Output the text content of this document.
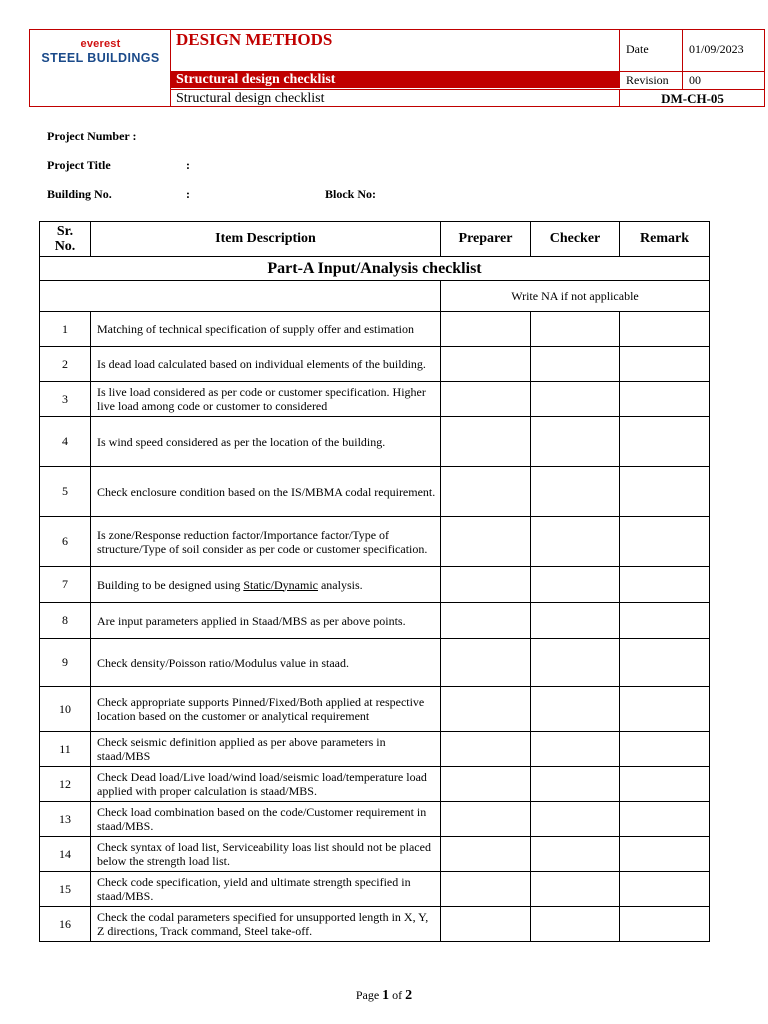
everest
STEEL BUILDINGS
DESIGN METHODS	Date	01/09/2023
Structural design checklist	Revision	00
Structural design checklist	DM-CH-05
Project Number :
Project Title	:
Building No.	:	Block No:
Sr. No.	Item Description	Preparer	Checker	Remark
Part-A Input/Analysis checklist				
		Write NA if not applicable		
1	Matching of technical specification of supply offer and estimation			
2	Is dead load calculated based on individual elements of the building.			
3	Is live load considered as per code or customer specification. Higher live load among code or customer to considered			
4	Is wind speed considered as per the location of the building.			
5	Check enclosure condition based on the IS/MBMA codal requirement.			
6	Is zone/Response reduction factor/Importance factor/Type of structure/Type of soil consider as per code or customer specification.			
7	Building to be designed using Static/Dynamic analysis.			
8	Are input parameters applied in Staad/MBS as per above points.			
9	Check density/Poisson ratio/Modulus value in staad.			
10	Check appropriate supports Pinned/Fixed/Both applied at respective location based on the customer or analytical requirement			
11	Check seismic definition applied as per above parameters in staad/MBS			
12	Check Dead load/Live load/wind load/seismic load/temperature load applied with proper calculation is staad/MBS.			
13	Check load combination based on the code/Customer requirement in staad/MBS.			
14	Check syntax of load list, Serviceability loas list should not be placed below the strength load list.			
15	Check code specification, yield and ultimate strength specified in staad/MBS.			
16	Check the codal parameters specified for unsupported length in X, Y, Z directions, Track command, Steel take-off.			
Page 1 of 2
